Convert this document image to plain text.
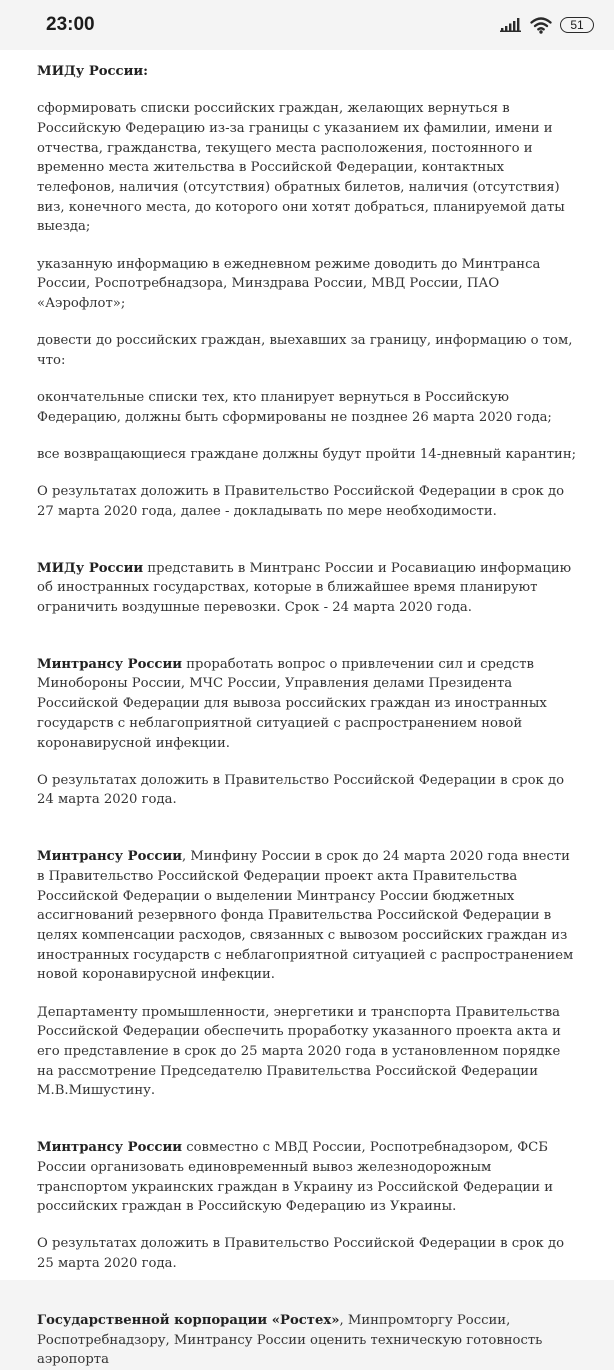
23:00	51

МИДу России:

сформировать списки российских граждан, желающих вернуться в Российскую Федерацию из-за границы с указанием их фамилии, имени и отчества, гражданства, текущего места расположения, постоянного и временно места жительства в Российской Федерации, контактных телефонов, наличия (отсутствия) обратных билетов, наличия (отсутствия) виз, конечного места, до которого они хотят добраться, планируемой даты выезда;

указанную информацию в ежедневном режиме доводить до Минтранса России, Роспотребнадзора, Минздрава России, МВД России, ПАО «Аэрофлот»;

довести до российских граждан, выехавших за границу, информацию о том, что:

окончательные списки тех, кто планирует вернуться в Российскую Федерацию, должны быть сформированы не позднее 26 марта 2020 года;

все возвращающиеся граждане должны будут пройти 14-дневный карантин;

О результатах доложить в Правительство Российской Федерации в срок до
27 марта 2020 года, далее - докладывать по мере необходимости.

МИДу России представить в Минтранс России и Росавиацию информацию об иностранных государствах, которые в ближайшее время планируют ограничить воздушные перевозки. Срок - 24 марта 2020 года.

Минтрансу России проработать вопрос о привлечении сил и средств Минобороны России, МЧС России, Управления делами Президента Российской Федерации для вывоза российских граждан из иностранных государств с неблагоприятной ситуацией с распространением новой коронавирусной инфекции.

О результатах доложить в Правительство Российской Федерации в срок до 24 марта 2020 года.

Минтрансу России, Минфину России в срок до 24 марта 2020 года внести в Правительство Российской Федерации проект акта Правительства Российской Федерации о выделении Минтрансу России бюджетных ассигнований резервного фонда Правительства Российской Федерации в целях компенсации расходов, связанных с вывозом российских граждан из иностранных государств с неблагоприятной ситуацией с распространением новой коронавирусной инфекции.

Департаменту промышленности, энергетики и транспорта Правительства Российской Федерации обеспечить проработку указанного проекта акта и его представление в срок до 25 марта 2020 года в установленном порядке на рассмотрение Председателю Правительства Российской Федерации М.В.Мишустину.

Минтрансу России совместно с МВД России, Роспотребнадзором, ФСБ России организовать единовременный вывоз железнодорожным транспортом украинских граждан в Украину из Российской Федерации и российских граждан в Российскую Федерацию из Украины.

О результатах доложить в Правительство Российской Федерации в срок до
25 марта 2020 года.

Государственной корпорации «Ростех», Минпромторгу России, Роспотребнадзору, Минтрансу России оценить техническую готовность аэропорта
